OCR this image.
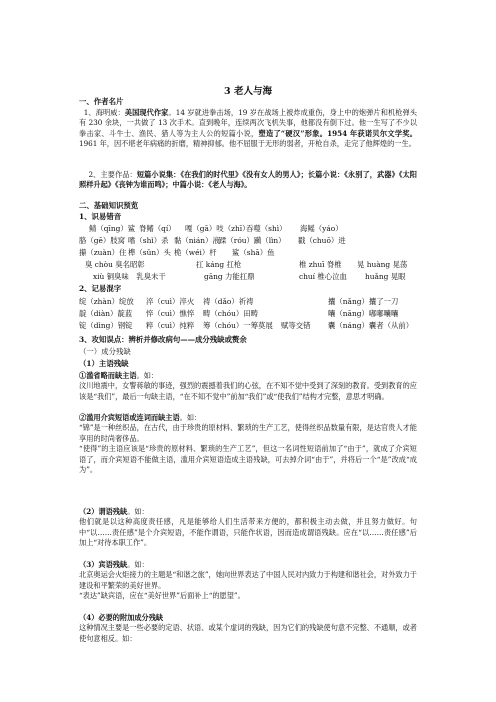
3 老人与海
一、作者名片

1、海明威：美国现代作家。14 岁就进拳击场，19 岁在战场上被炸成重伤，身上中的炮弹片和机枪弹头有 230 余块，一共做了 13 次手术。直到晚年，连续两次飞机失事，他都没有倒下过。他一生写了不少以拳击家、斗牛士、渔民、猎人等为主人公的短篇小说，塑造了“硬汉”形象。1954 年获诺贝尔文学奖。1961 年，因不堪老年病痛的折磨，精神抑郁。他不屈服于无形的弱者，开枪自杀，走完了他辉煌的一生。

2、主要作品：短篇小说集：《在我们的时代里》《没有女人的男人》；长篇小说：《永别了，武器》《太阳照样升起》《丧钟为谁而鸣》；中篇小说：《老人与海》。

二、基础知识预览
1、识易错音
鲭（qīng）鲨 脊鳍（qí） 嘎（gā）吱（zhī）
吞噬（shì） 海鳐（yáo）
胳（gē）肢窝 嗜（shì）杀 黏（nián）液 蹂（róu）躏（lìn） 戳（chuō）进
攥（zuàn）住 榫（sǔn）头 桅（wéi）杆 鲨（shā）鱼
臭 chòu 臭名昭彰	扛 káng 扛枪	椎 zhuī 脊椎 晃 huàng 晃荡
xiù 铜臭味　乳臭未干	gāng 力能扛鼎	chuí 椎心泣血 huǎng 晃眼
2、记易混字
绽（zhàn）绽放 淬（cuì）淬火 祷（dǎo）祈祷	攮（nǎng）攮了一刀
靛（diàn）靛蓝 悴（cuì）憔悴 畴（chóu）田畴	囔（nāng）嘟嘟囔囔
锭（dìng）钢锭 粹（cuì）纯粹 筹（chóu）一筹莫展 赋等交错 囊（náng）囊者（从前）
3、攻知误点：辨析并修改病句——成分残缺或赘余
（一）成分残缺
（1）主语残缺

①滥省略而缺主语。如：

汶川地震中，女警蒋敏的事迹，强烈的震撼着我们的心弦，在不知不觉中受到了深刻的教育。受到教育的应该是“我们”，最后一句缺主语，“在不知不觉中”前加“我们”或“使我们”结构才完整，意思才明确。

②滥用介宾短语或连词而缺主语。如：

“锦”是一种丝织品，在古代，由于珍贵的原材料、繁琐的生产工艺，使得丝织品数量有限，是达官贵人才能享用的时尚奢侈品。

“使得”的主语应该是“珍贵的原材料、繁琐的生产工艺”，但这一名词性短语前加了“由于”，就成了介宾短语了，而介宾短语不能做主语，滥用介宾短语造成主语残缺，可去掉介词“由于”，并将后一个“是”改成“成为”。

（2）谓语残缺。如：

他们就是以这种高度责任感，凡是能够给人们生活带来方便的，都积极主动去做，并且努力做好。句中“以……责任感”是个介宾短语，不能作谓语，只能作状语，因而造成谓语残缺。应在“以……责任感”后加上“对待本职工作”。

（3）宾语残缺。如：

北京奥运会火炬接力的主题是“和谐之旅”，她向世界表达了中国人民对内致力于构建和谐社会，对外致力于建设和平繁荣的美好世界。

“表达”缺宾语，应在“美好世界”后面补上“的愿望”。

（4）必要的附加成分残缺

这种情况主要是一些必要的定语、状语、或某个虚词的残缺，因为它们的残缺使句意不完整、不通顺，或者使句意相反。如：
